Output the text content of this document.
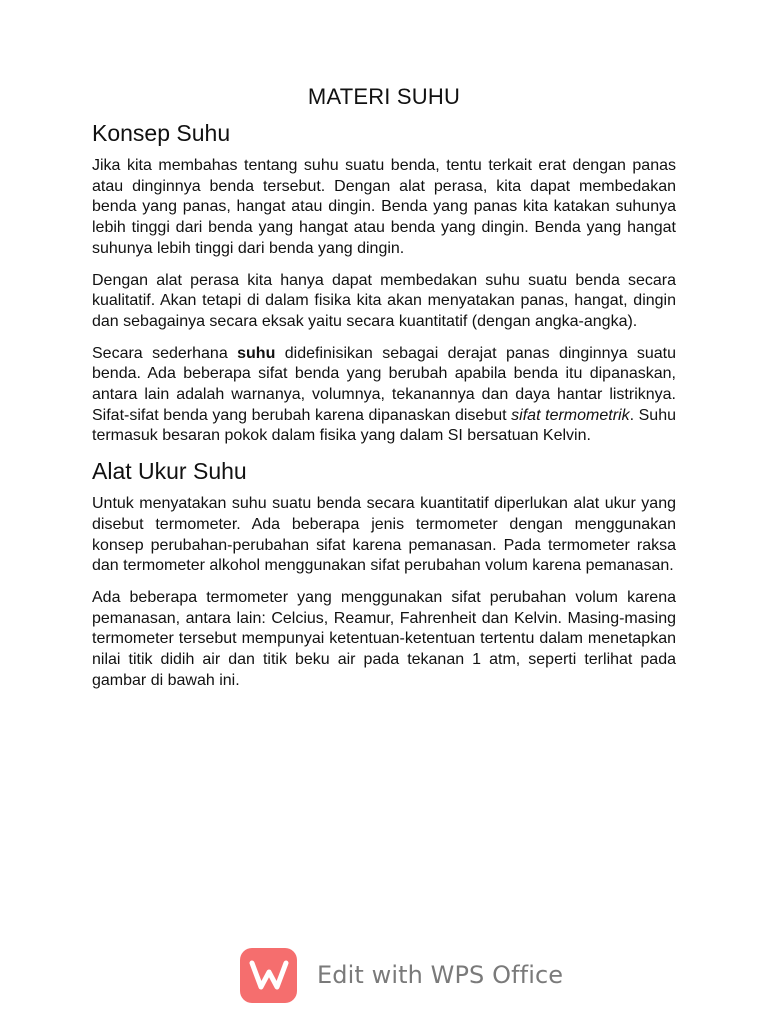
MATERI SUHU
Konsep Suhu

Jika kita membahas tentang suhu suatu benda, tentu terkait erat dengan panas atau dinginnya benda tersebut. Dengan alat perasa, kita dapat membedakan benda yang panas, hangat atau dingin. Benda yang panas kita katakan suhunya lebih tinggi dari benda yang hangat atau benda yang dingin. Benda yang hangat suhunya lebih tinggi dari benda yang dingin.

Dengan alat perasa kita hanya dapat membedakan suhu suatu benda secara kualitatif. Akan tetapi di dalam fisika kita akan menyatakan panas, hangat, dingin dan sebagainya secara eksak yaitu secara kuantitatif (dengan angka-angka).

Secara sederhana suhu didefinisikan sebagai derajat panas dinginnya suatu benda. Ada beberapa sifat benda yang berubah apabila benda itu dipanaskan, antara lain adalah warnanya, volumnya, tekanannya dan daya hantar listriknya. Sifat-sifat benda yang berubah karena dipanaskan disebut sifat termometrik. Suhu termasuk besaran pokok dalam fisika yang dalam SI bersatuan Kelvin.

Alat Ukur Suhu

Untuk menyatakan suhu suatu benda secara kuantitatif diperlukan alat ukur yang disebut termometer. Ada beberapa jenis termometer dengan menggunakan konsep perubahan-perubahan sifat karena pemanasan. Pada termometer raksa dan termometer alkohol menggunakan sifat perubahan volum karena pemanasan.

Ada beberapa termometer yang menggunakan sifat perubahan volum karena pemanasan, antara lain: Celcius, Reamur, Fahrenheit dan Kelvin. Masing-masing termometer tersebut mempunyai ketentuan-ketentuan tertentu dalam menetapkan nilai titik didih air dan titik beku air pada tekanan 1 atm, seperti terlihat pada gambar di bawah ini.

Edit with WPS Office
